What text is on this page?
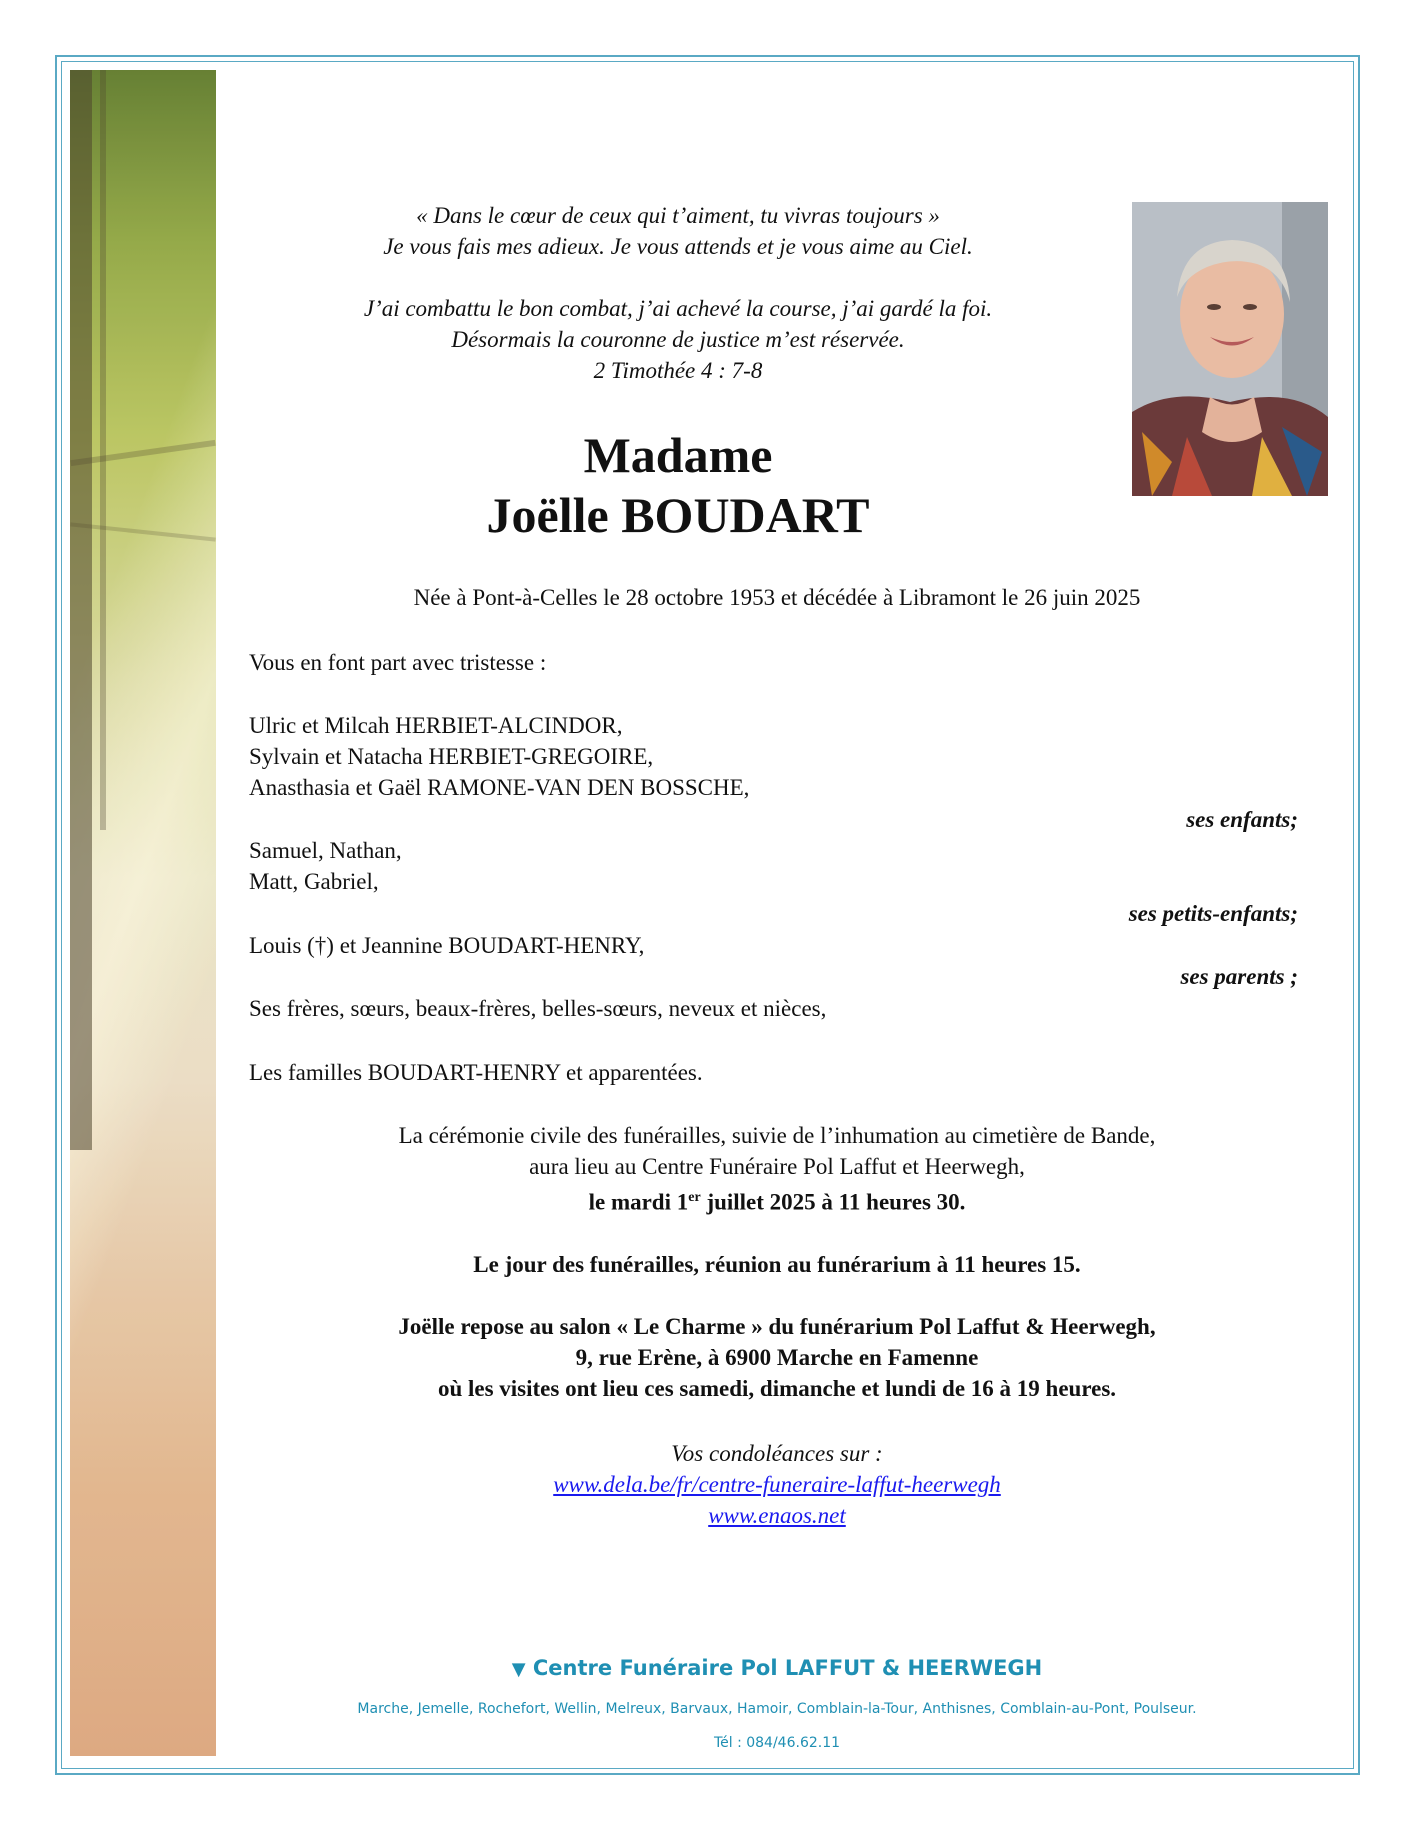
« Dans le cœur de ceux qui t’aiment, tu vivras toujours »
Je vous fais mes adieux. Je vous attends et je vous aime au Ciel.
J’ai combattu le bon combat, j’ai achevé la course, j’ai gardé la foi.
Désormais la couronne de justice m’est réservée.
2 Timothée 4 : 7-8
Madame
Joëlle BOUDART
Née à Pont-à-Celles le 28 octobre 1953 et décédée à Libramont le 26 juin 2025
Vous en font part avec tristesse :
Ulric et Milcah HERBIET-ALCINDOR,
Sylvain et Natacha HERBIET-GREGOIRE,
Anasthasia et Gaël RAMONE-VAN DEN BOSSCHE,
ses enfants;
Samuel, Nathan,
Matt, Gabriel,
ses petits-enfants;
Louis (†) et Jeannine BOUDART-HENRY,
ses parents ;
Ses frères, sœurs, beaux-frères, belles-sœurs, neveux et nièces,
Les familles BOUDART-HENRY et apparentées.
La cérémonie civile des funérailles, suivie de l’inhumation au cimetière de Bande,
aura lieu au Centre Funéraire Pol Laffut et Heerwegh,
le mardi 1er juillet 2025 à 11 heures 30.
Le jour des funérailles, réunion au funérarium à 11 heures 15.
Joëlle repose au salon « Le Charme » du funérarium Pol Laffut & Heerwegh,
9, rue Erène, à 6900 Marche en Famenne
où les visites ont lieu ces samedi, dimanche et lundi de 16 à 19 heures.
Vos condoléances sur :
www.dela.be/fr/centre-funeraire-laffut-heerwegh
www.enaos.net
▼ Centre Funéraire Pol LAFFUT & HEERWEGH
Marche, Jemelle, Rochefort, Wellin, Melreux, Barvaux, Hamoir, Comblain-la-Tour, Anthisnes, Comblain-au-Pont, Poulseur.
Tél : 084/46.62.11
